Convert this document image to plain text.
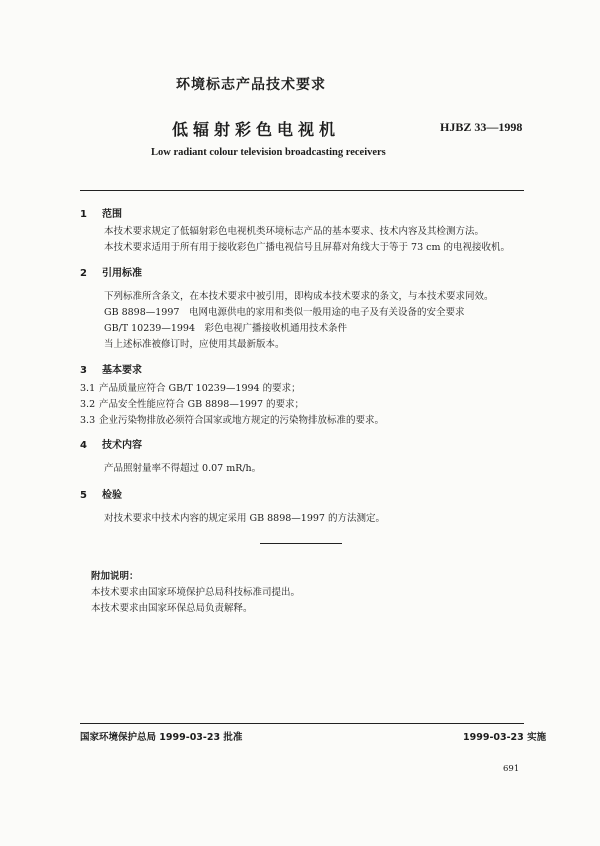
环境标志产品技术要求
低辐射彩色电视机	HJBZ 33—1998
Low radiant colour television broadcasting receivers
1 范围
本技术要求规定了低辐射彩色电视机类环境标志产品的基本要求、技术内容及其检测方法。
本技术要求适用于所有用于接收彩色广播电视信号且屏幕对角线大于等于 73 cm 的电视接收机。
2 引用标准
下列标准所含条文，在本技术要求中被引用，即构成本技术要求的条文，与本技术要求同效。
GB 8898—1997　电网电源供电的家用和类似一般用途的电子及有关设备的安全要求
GB/T 10239—1994　彩色电视广播接收机通用技术条件
当上述标准被修订时，应使用其最新版本。
3 基本要求
3.1 产品质量应符合 GB/T 10239—1994 的要求；
3.2 产品安全性能应符合 GB 8898—1997 的要求；
3.3 企业污染物排放必须符合国家或地方规定的污染物排放标准的要求。
4 技术内容
产品照射量率不得超过 0.07 mR/h。
5 检验
对技术要求中技术内容的规定采用 GB 8898—1997 的方法测定。
附加说明：
本技术要求由国家环境保护总局科技标准司提出。
本技术要求由国家环保总局负责解释。
国家环境保护总局 1999-03-23 批准	1999-03-23 实施
691
